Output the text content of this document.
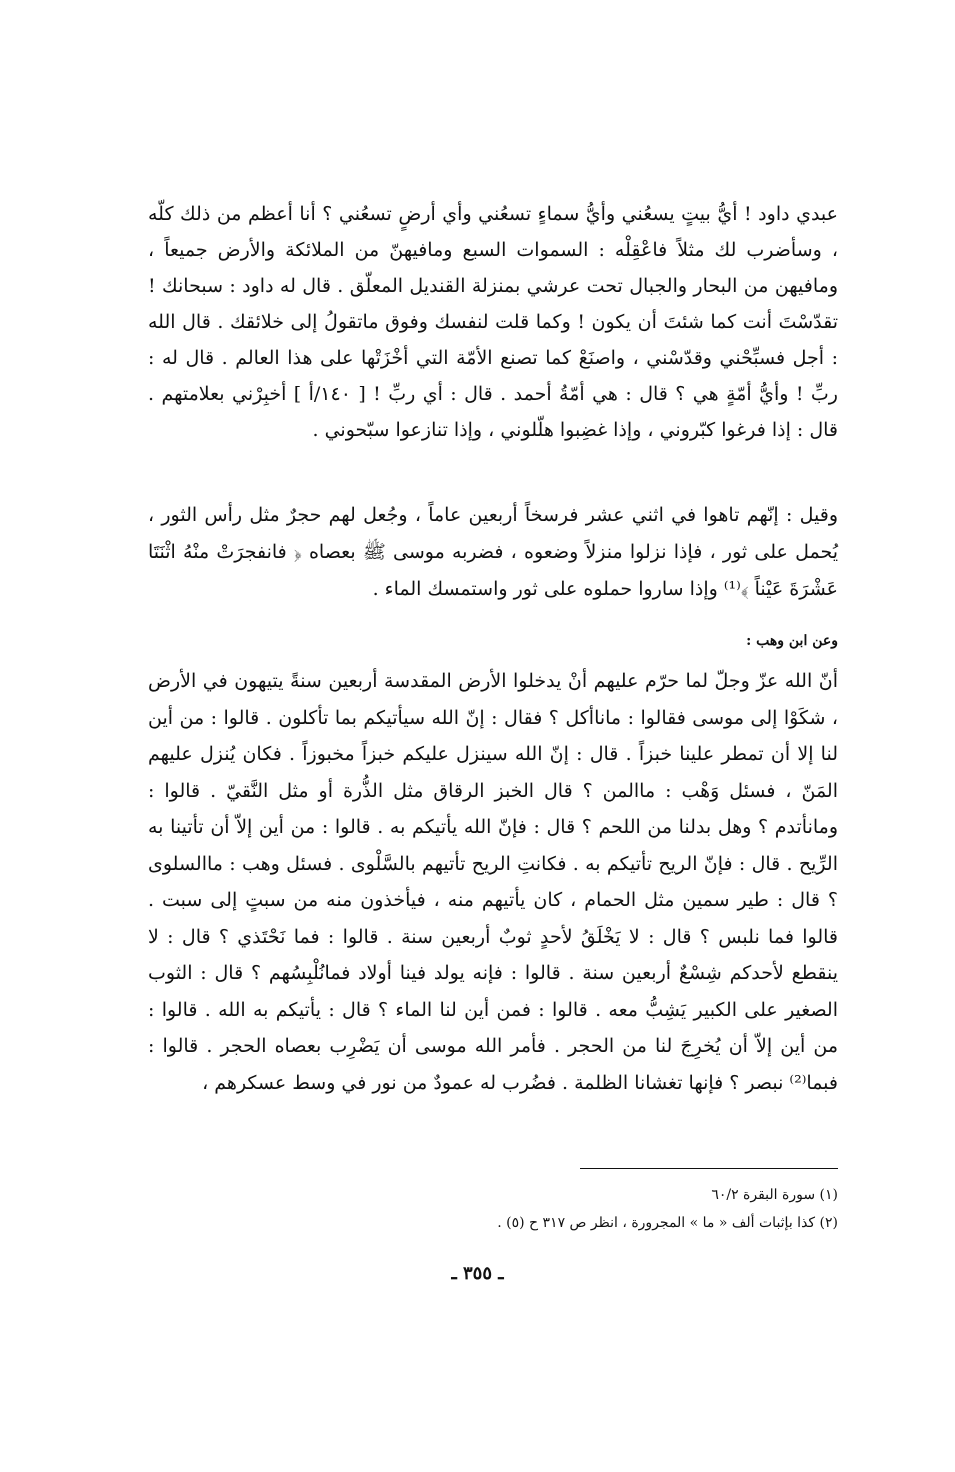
عبدي داود ! أيُّ بيتٍ يسعُني وأيُّ سماءٍ تسعُني وأي أرضٍ تسعُني ؟ أنا أعظم من ذلك كلّه ، وسأضرب لك مثلاً فاعْقِلْه : السموات السبع ومافيهنّ من الملائكة والأرض جميعاً ، ومافيهن من البحار والجبال تحت عرشي بمنزلة القنديل المعلّق . قال له داود : سبحانك ! تقدّسْتَ أنت كما شئتَ أن يكون ! وكما قلت لنفسك وفوق ماتقولُ إلى خلائقك . قال الله : أجل فسبِّحْني وقدّسْني ، واصنَعْ كما تصنع الأمّة التي أخْزَتْها على هذا العالم . قال له : ربِّ ! وأيُّ أمّةٍ هي ؟ قال : هي أمّةُ أحمد . قال : أي ربِّ ! [ ١٤٠/أ ] أخبِرْني بعلامتهم . قال : إذا فرغوا كبّروني ، وإذا غضِبوا هلّلوني ، وإذا تنازعوا سبّحوني .

وقيل : إنّهم تاهوا في اثني عشر فرسخاً أربعين عاماً ، وجُعل لهم حجرٌ مثل رأس الثور ، يُحمل على ثور ، فإذا نزلوا منزلاً وضعوه ، فضربه موسى ﷺ بعصاه ﴿ فانفجرَتْ منْهُ اثْنَتَا عَشْرَةَ عَيْناً ﴾⁽¹⁾ وإذا ساروا حملوه على ثور واستمسك الماء .

وعن ابن وهب :

أنّ الله عزّ وجلّ لما حرّم عليهم أنْ يدخلوا الأرض المقدسة أربعين سنةً يتيهون في الأرض ، شكَوْا إلى موسى فقالوا : ماناأكل ؟ فقال : إنّ الله سيأتيكم بما تأكلون . قالوا : من أين لنا إلا أن تمطر علينا خبزاً . قال : إنّ الله سينزل عليكم خبزاً مخبوزاً . فكان يُنزل عليهم المَنّ ، فسئل وَهْب : ماالمن ؟ قال الخبز الرقاق مثل الذُّرة أو مثل النَّقيّ . قالوا : ومانأتدم ؟ وهل بدلنا من اللحم ؟ قال : فإنّ الله يأتيكم به . قالوا : من أين إلاّ أن تأتينا به الرِّيح . قال : فإنّ الريح تأتيكم به . فكانتِ الريح تأتيهم بالسَّلْوى . فسئل وهب : ماالسلوى ؟ قال : طير سمين مثل الحمام ، كان يأتيهم منه ، فيأخذون منه من سبتٍ إلى سبت . قالوا فما نلبس ؟ قال : لا يَخْلَقُ لأحدٍ ثوبٌ أربعين سنة . قالوا : فما نَحْتَذي ؟ قال : لا ينقطع لأحدكم شِسْعٌ أربعين سنة . قالوا : فإنه يولد فينا أولاد فمانُلْبِسُهم ؟ قال : الثوب الصغير على الكبير يَشِبُّ معه . قالوا : فمن أين لنا الماء ؟ قال : يأتيكم به الله . قالوا : من أين إلاّ أن يُخرِجَ لنا من الحجر . فأمر الله موسى أن يَضْرِب بعصاه الحجر . قالوا : فبما⁽²⁾ نبصر ؟ فإنها تغشانا الظلمة . فضُرب له عمودٌ من نور في وسط عسكرهم ،

(١) سورة البقرة ٦٠/٢
(٢) كذا بإثبات ألف « ما » المجرورة ، انظر ص ٣١٧ ح (٥) .
ـ ٣٥٥ ـ
